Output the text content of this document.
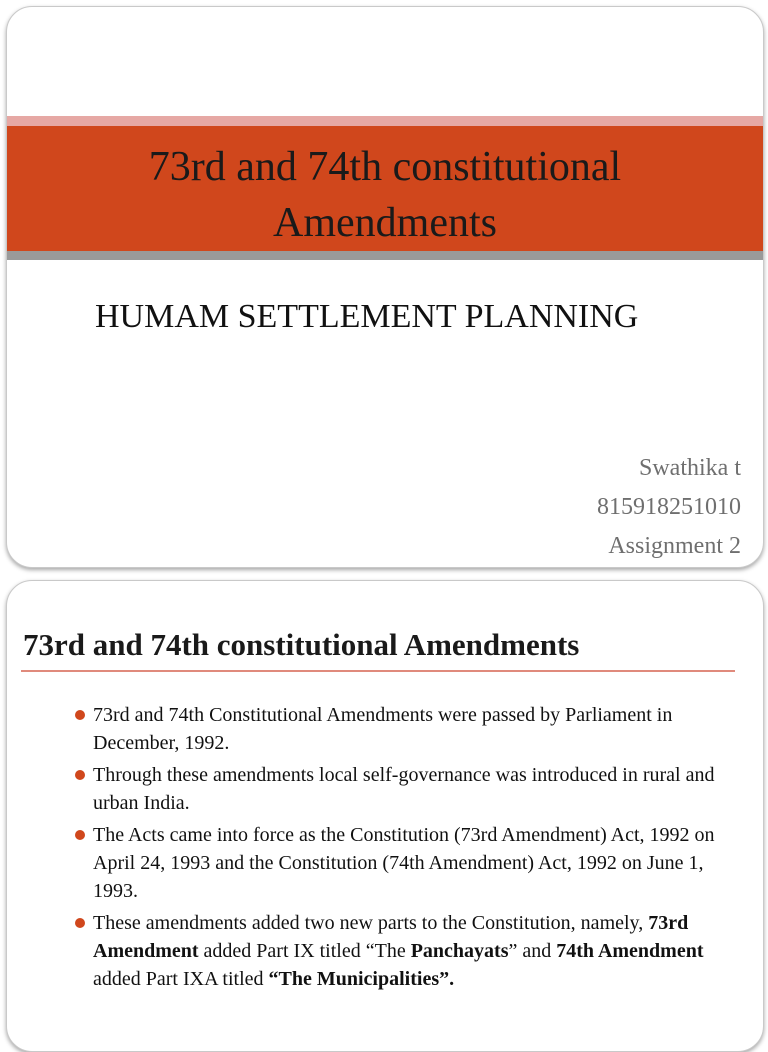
73rd and 74th constitutional
Amendments
HUMAM SETTLEMENT PLANNING
Swathika t
815918251010
Assignment 2
73rd and 74th constitutional Amendments
73rd and 74th Constitutional Amendments were passed by Parliament in December, 1992.
Through these amendments local self-governance was introduced in rural and urban India.
The Acts came into force as the Constitution (73rd Amendment) Act, 1992 on April 24, 1993 and the Constitution (74th Amendment) Act, 1992 on June 1, 1993.
These amendments added two new parts to the Constitution, namely, 73rd Amendment added Part IX titled “The Panchayats” and 74th Amendment added Part IXA titled “The Municipalities”.
